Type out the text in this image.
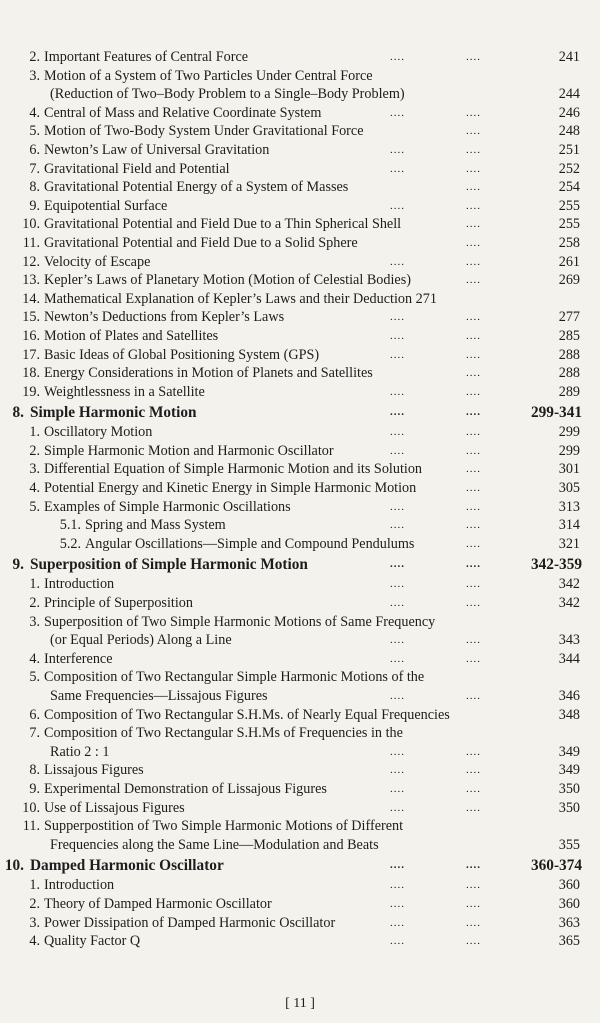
2. Important Features of Central Force	....	....	241
3. Motion of a System of Two Particles Under Central Force
(Reduction of Two–Body Problem to a Single–Body Problem)	244
4. Central of Mass and Relative Coordinate System	....	....	246
5. Motion of Two-Body System Under Gravitational Force	....	248
6. Newton’s Law of Universal Gravitation	....	....	251
7. Gravitational Field and Potential	....	....	252
8. Gravitational Potential Energy of a System of Masses	....	254
9. Equipotential Surface	....	....	255
10. Gravitational Potential and Field Due to a Thin Spherical Shell	....	255
11. Gravitational Potential and Field Due to a Solid Sphere	....	258
12. Velocity of Escape	....	....	261
13. Kepler’s Laws of Planetary Motion (Motion of Celestial Bodies)	....	269
14. Mathematical Explanation of Kepler’s Laws and their Deduction 271
15. Newton’s Deductions from Kepler’s Laws	....	....	277
16. Motion of Plates and Satellites	....	....	285
17. Basic Ideas of Global Positioning System (GPS)	....	....	288
18. Energy Considerations in Motion of Planets and Satellites	....	288
19. Weightlessness in a Satellite	....	....	289
8. Simple Harmonic Motion	....	....	299-341
1. Oscillatory Motion	....	....	299
2. Simple Harmonic Motion and Harmonic Oscillator	....	....	299
3. Differential Equation of Simple Harmonic Motion and its Solution	....	301
4. Potential Energy and Kinetic Energy in Simple Harmonic Motion	....	305
5. Examples of Simple Harmonic Oscillations	....	....	313
5.1. Spring and Mass System	....	....	314
5.2. Angular Oscillations—Simple and Compound Pendulums	....	321
9. Superposition of Simple Harmonic Motion	....	....	342-359
1. Introduction	....	....	342
2. Principle of Superposition	....	....	342
3. Superposition of Two Simple Harmonic Motions of Same Frequency
(or Equal Periods) Along a Line	....	....	343
4. Interference	....	....	344
5. Composition of Two Rectangular Simple Harmonic Motions of the
Same Frequencies—Lissajous Figures	....	....	346
6. Composition of Two Rectangular S.H.Ms. of Nearly Equal Frequencies	348
7. Composition of Two Rectangular S.H.Ms of Frequencies in the
Ratio 2 : 1	....	....	349
8. Lissajous Figures	....	....	349
9. Experimental Demonstration of Lissajous Figures	....	....	350
10. Use of Lissajous Figures	....	....	350
11. Supperpostition of Two Simple Harmonic Motions of Different
Frequencies along the Same Line—Modulation and Beats	355
10. Damped Harmonic Oscillator	....	....	360-374
1. Introduction	....	....	360
2. Theory of Damped Harmonic Oscillator	....	....	360
3. Power Dissipation of Damped Harmonic Oscillator	....	....	363
4. Quality Factor Q	....	....	365
[ 11 ]
